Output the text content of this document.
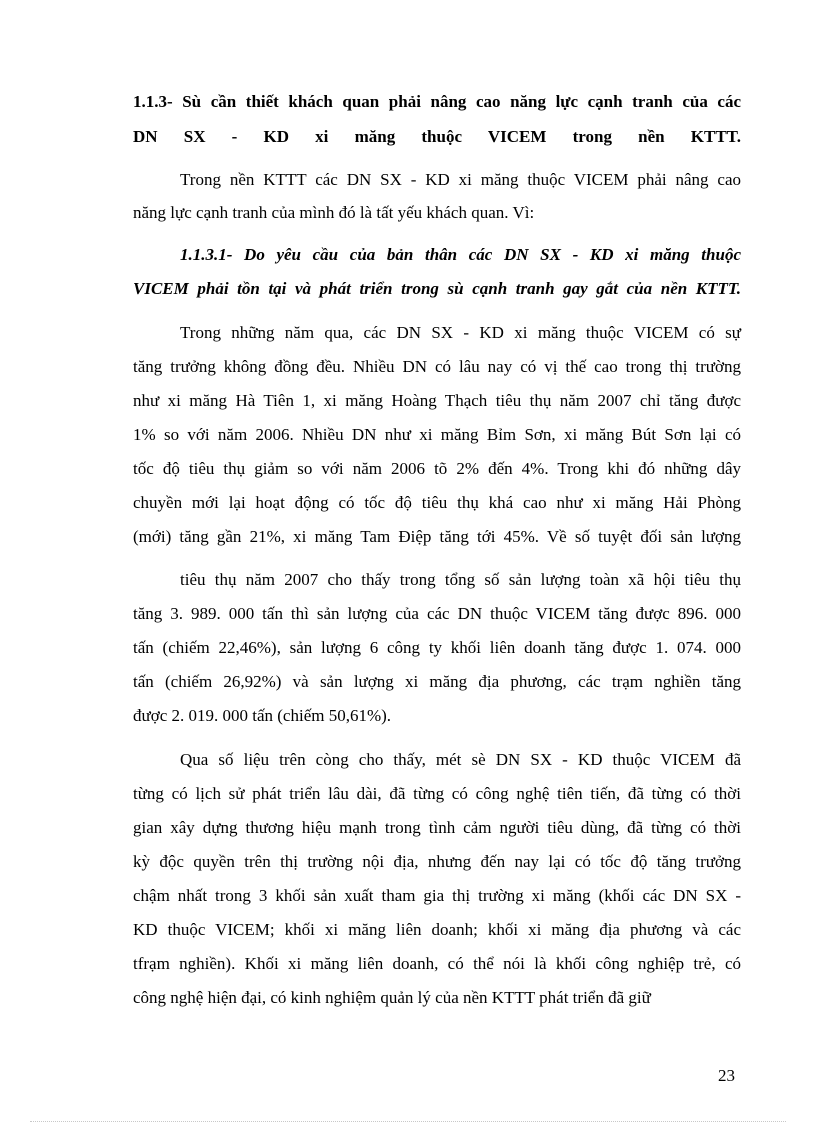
1.1.3- Sù cần thiết khách quan phải nâng cao năng lực cạnh tranh của các
DN SX - KD xi măng thuộc VICEM trong nền KTTT.
Trong nền KTTT các DN SX - KD xi măng thuộc VICEM phải nâng cao
năng lực cạnh tranh của mình đó là tất yếu khách quan. Vì:
1.1.3.1- Do yêu cầu của bản thân các DN SX - KD xi măng thuộc
VICEM phải tồn tại và phát triển trong sù cạnh tranh gay gắt của nền KTTT.
Trong những năm qua, các DN SX - KD xi măng thuộc VICEM có sự
tăng trưởng không đồng đều. Nhiều DN có lâu nay có vị thế cao trong thị trường
như xi măng Hà Tiên 1, xi măng Hoàng Thạch tiêu thụ năm 2007 chỉ tăng được
1% so với năm 2006. Nhiều DN như xi măng Bỉm Sơn, xi măng Bút Sơn lại có
tốc độ tiêu thụ giảm so với năm 2006 tõ 2% đến 4%. Trong khi đó những dây
chuyền mới lại hoạt động có tốc độ tiêu thụ khá cao như xi măng Hải Phòng
(mới) tăng gần 21%, xi măng Tam Điệp tăng tới 45%. Về số tuyệt đối sản lượng
tiêu thụ năm 2007 cho thấy trong tổng số sản lượng toàn xã hội tiêu thụ
tăng 3. 989. 000 tấn thì sản lượng của các DN thuộc VICEM tăng được 896. 000
tấn (chiếm 22,46%), sản lượng 6 công ty khối liên doanh tăng được 1. 074. 000
tấn (chiếm 26,92%) và sản lượng xi măng địa phương, các trạm nghiền tăng
được 2. 019. 000 tấn (chiếm 50,61%).
Qua số liệu trên còng cho thấy, mét sè DN SX - KD thuộc VICEM đã
từng có lịch sử phát triển lâu dài, đã từng có công nghệ tiên tiến, đã từng có thời
gian xây dựng thương hiệu mạnh trong tình cảm người tiêu dùng, đã từng có thời
kỳ độc quyền trên thị trường nội địa, nhưng đến nay lại có tốc độ tăng trưởng
chậm nhất trong 3 khối sản xuất tham gia thị trường xi măng (khối các DN SX -
KD thuộc VICEM; khối xi măng liên doanh; khối xi măng địa phương và các
tfrạm nghiền). Khối xi măng liên doanh, có thể nói là khối công nghiệp trẻ, có
công nghệ hiện đại, có kinh nghiệm quản lý của nền KTTT phát triển đã giữ
23
